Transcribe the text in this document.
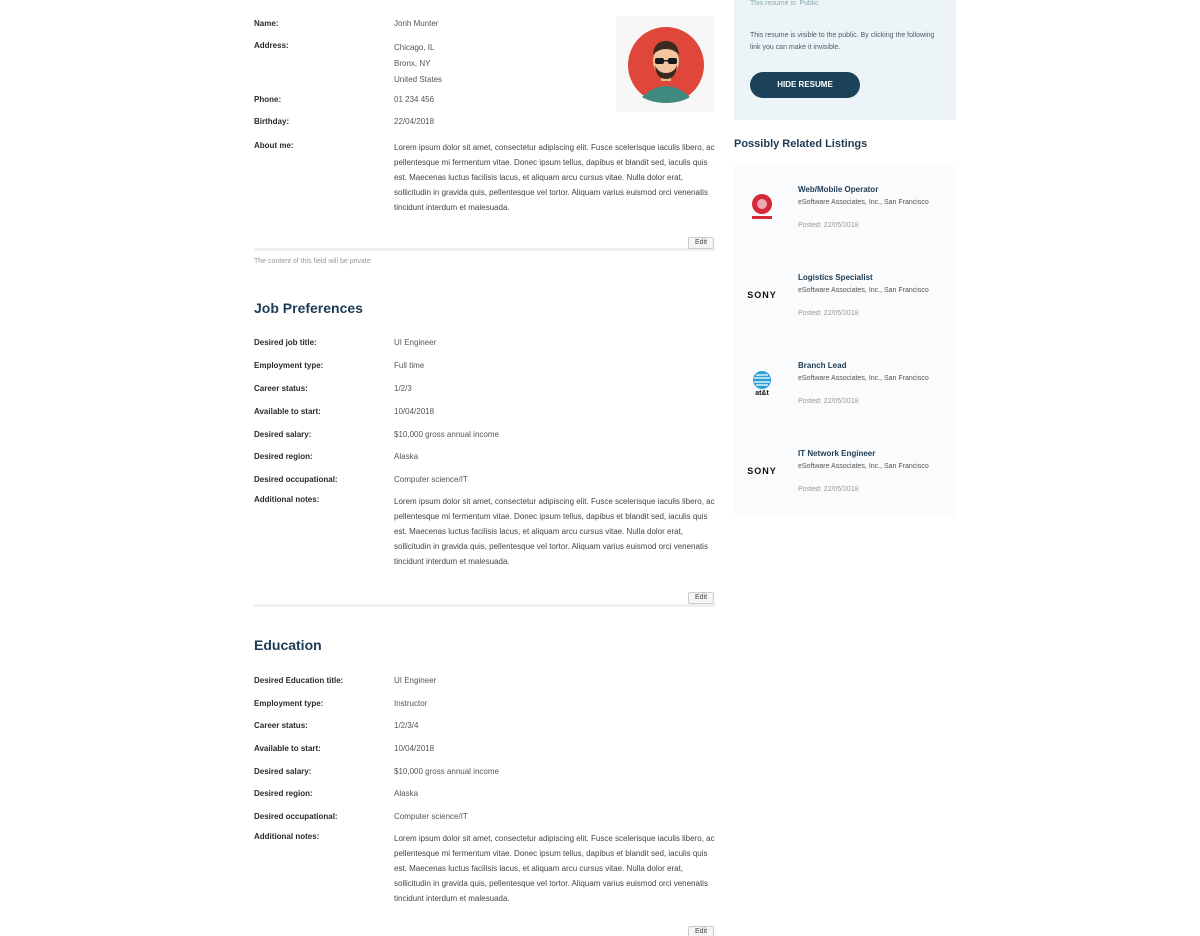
Name:	Jonh Munter
Address:	Chicago, IL
Bronx, NY
United States
Phone:	01 234 456
Birthday:	22/04/2018
About me:	Lorem ipsum dolor sit amet, consectetur adipiscing elit. Fusce scelerisque iaculis libero, ac pellentesque mi fermentum vitae. Donec ipsum tellus, dapibus et blandit sed, iaculis quis est. Maecenas luctus facilisis lacus, et aliquam arcu cursus vitae. Nulla dolor erat, sollicitudin in gravida quis, pellentesque vel tortor. Aliquam varius euismod orci venenatis tincidunt interdum et malesuada.
Edit
The content of this field will be private
Job Preferences
Desired job title:	UI Engineer
Employment type:	Full time
Career status:	1/2/3
Available to start:	10/04/2018
Desired salary:	$10,000 gross annual income
Desired region:	Alaska
Desired occupational:	Computer science/IT
Additional notes:	Lorem ipsum dolor sit amet, consectetur adipiscing elit. Fusce scelerisque iaculis libero, ac pellentesque mi fermentum vitae. Donec ipsum tellus, dapibus et blandit sed, iaculis quis est. Maecenas luctus facilisis lacus, et aliquam arcu cursus vitae. Nulla dolor erat, sollicitudin in gravida quis, pellentesque vel tortor. Aliquam varius euismod orci venenatis tincidunt interdum et malesuada.
Edit
Education
Desired Education title:	UI Engineer
Employment type:	Instructor
Career status:	1/2/3/4
Available to start:	10/04/2018
Desired salary:	$10,000 gross annual income
Desired region:	Alaska
Desired occupational:	Computer science/IT
Additional notes:	Lorem ipsum dolor sit amet, consectetur adipiscing elit. Fusce scelerisque iaculis libero, ac pellentesque mi fermentum vitae. Donec ipsum tellus, dapibus et blandit sed, iaculis quis est. Maecenas luctus facilisis lacus, et aliquam arcu cursus vitae. Nulla dolor erat, sollicitudin in gravida quis, pellentesque vel tortor. Aliquam varius euismod orci venenatis tincidunt interdum et malesuada.
Edit
This resume is: Public
This resume is visible to the public. By clicking the following link you can make it invisible.
HIDE RESUME
Possibly Related Listings
Web/Mobile Operator
eSoftware Associates, Inc., San Francisco
Posted: 22/05/2018
SONY
Logistics Specialist
eSoftware Associates, Inc., San Francisco
Posted: 22/05/2018
at&t
Branch Lead
eSoftware Associates, Inc., San Francisco
Posted: 22/05/2018
SONY
IT Network Engineer
eSoftware Associates, Inc., San Francisco
Posted: 22/05/2018
